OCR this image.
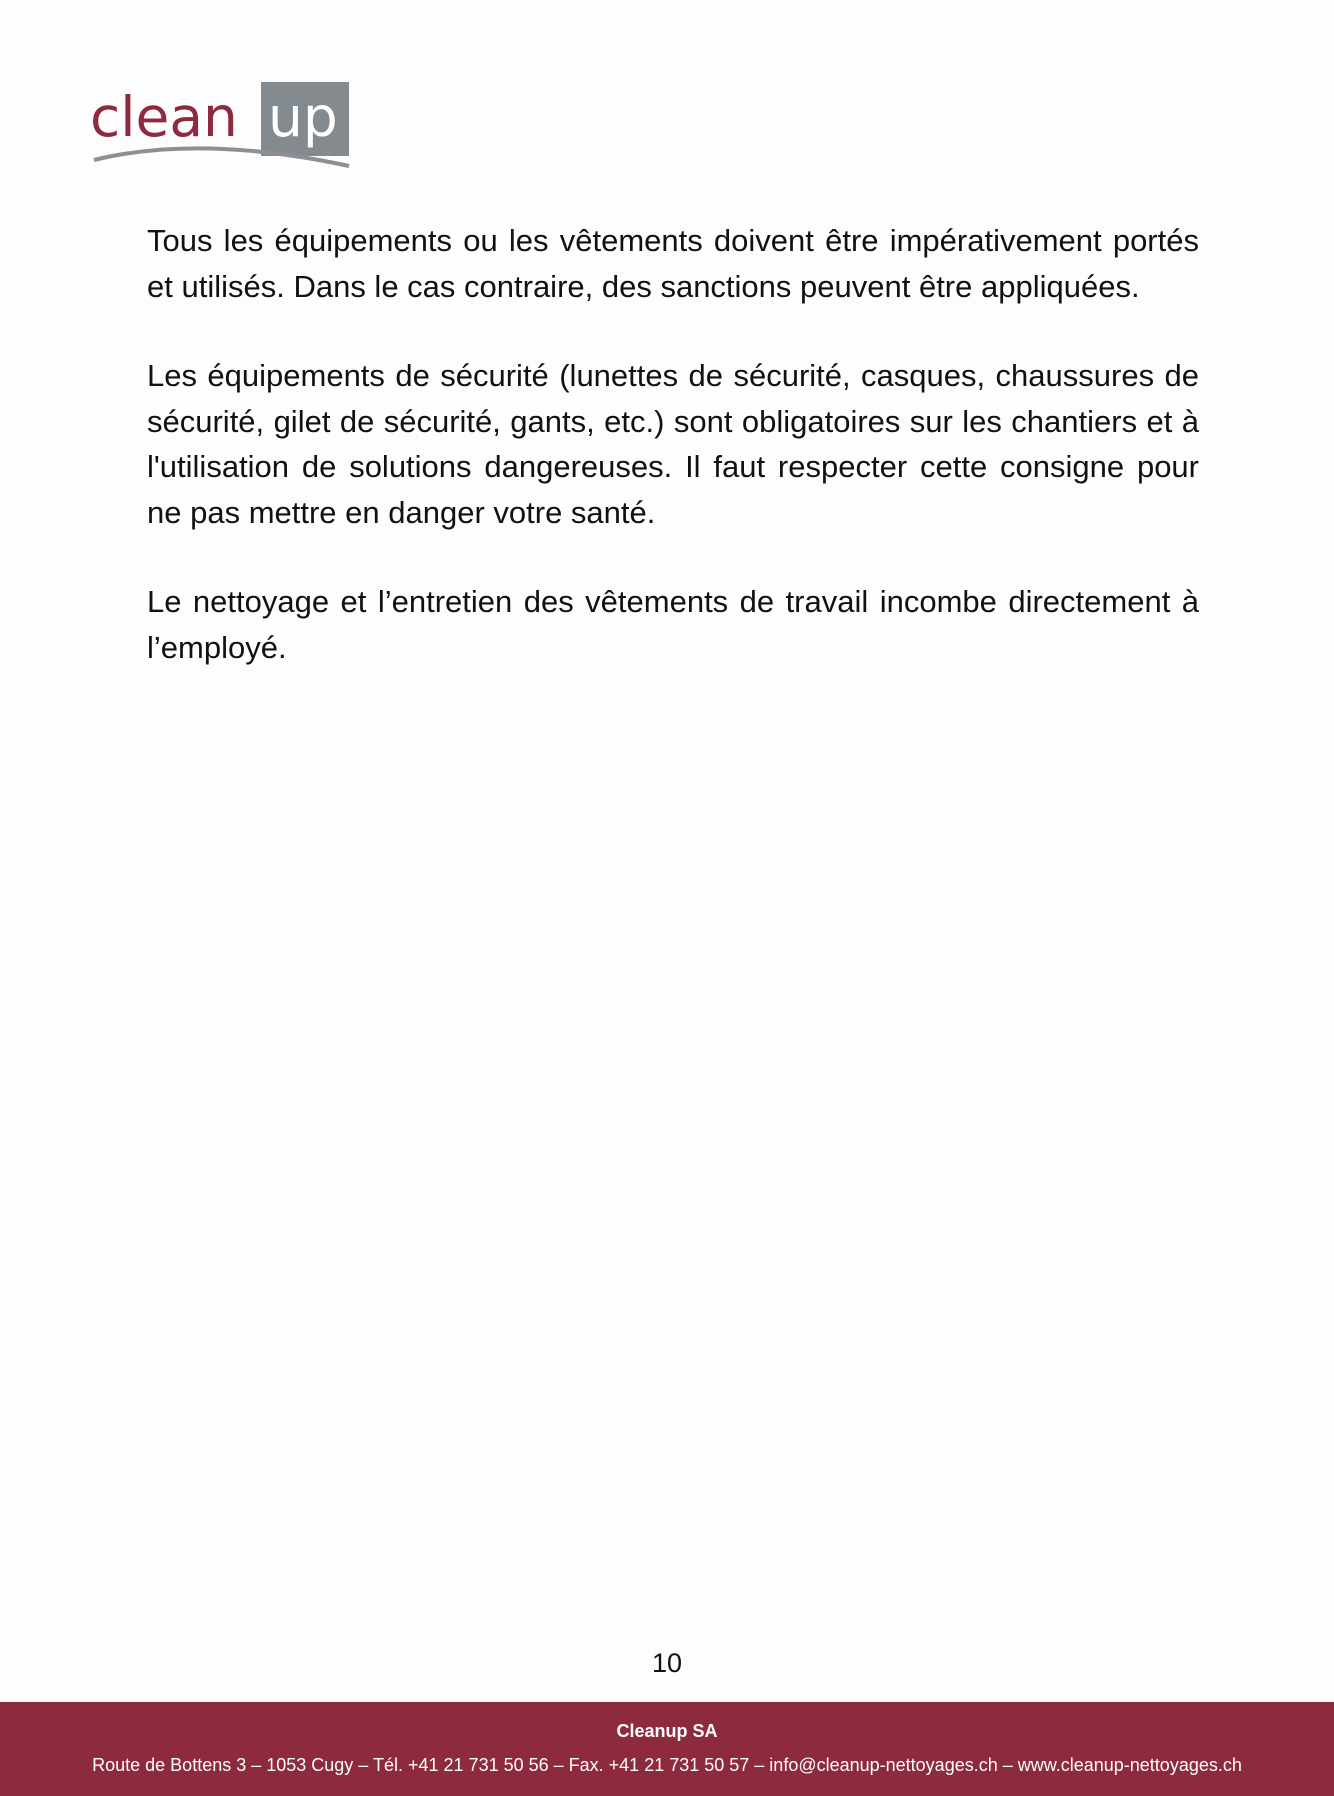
clean up

Tous les équipements ou les vêtements doivent être impérativement portés et utilisés. Dans le cas contraire, des sanctions peuvent être appliquées.

Les équipements de sécurité (lunettes de sécurité, casques, chaussures de sécurité, gilet de sécurité, gants, etc.) sont obligatoires sur les chantiers et à l'utilisation de solutions dangereuses. Il faut respecter cette consigne pour ne pas mettre en danger votre santé.

Le nettoyage et l’entretien des vêtements de travail incombe directement à l’employé.

10
Cleanup SA
Route de Bottens 3 – 1053 Cugy – Tél. +41 21 731 50 56 – Fax. +41 21 731 50 57 – info@cleanup-nettoyages.ch – www.cleanup-nettoyages.ch
